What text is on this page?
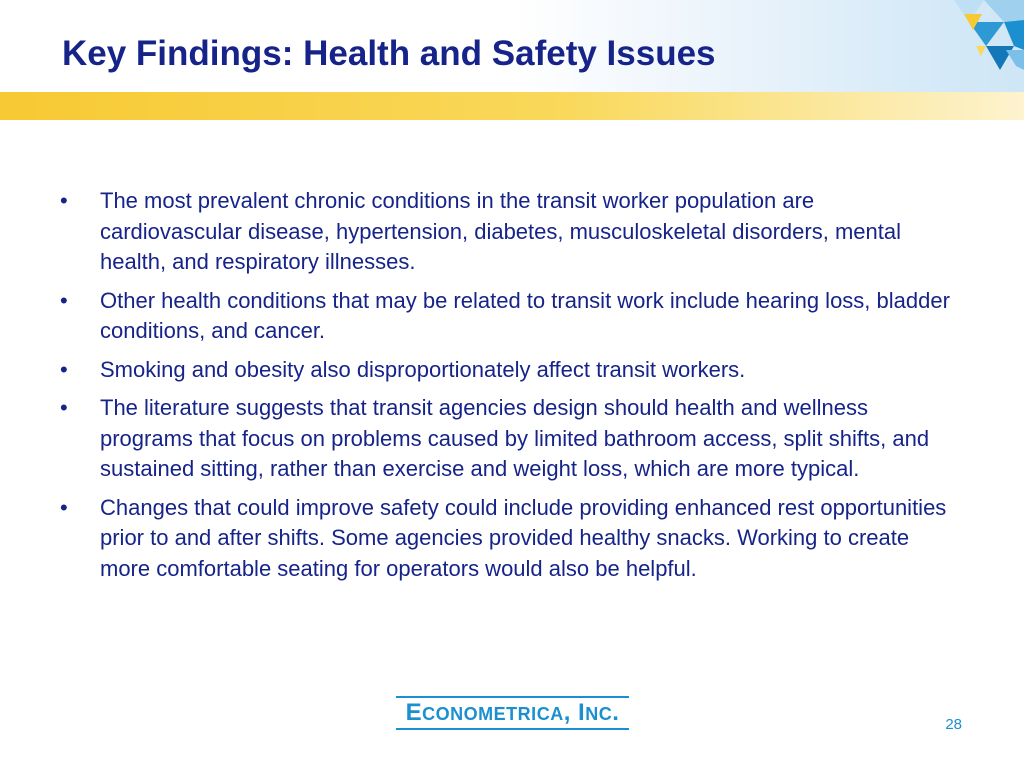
Key Findings: Health and Safety Issues
•	The most prevalent chronic conditions in the transit worker population are cardiovascular disease, hypertension, diabetes, musculoskeletal disorders, mental health, and respiratory illnesses.
•	Other health conditions that may be related to transit work include hearing loss, bladder conditions, and cancer.
•	Smoking and obesity also disproportionately affect transit workers.
•	The literature suggests that transit agencies design should health and wellness programs that focus on problems caused by limited bathroom access, split shifts, and sustained sitting, rather than exercise and weight loss, which are more typical.
•	Changes that could improve safety could include providing enhanced rest opportunities prior to and after shifts. Some agencies provided healthy snacks. Working to create more comfortable seating for operators would also be helpful.
ECONOMETRICA, INC.	28
